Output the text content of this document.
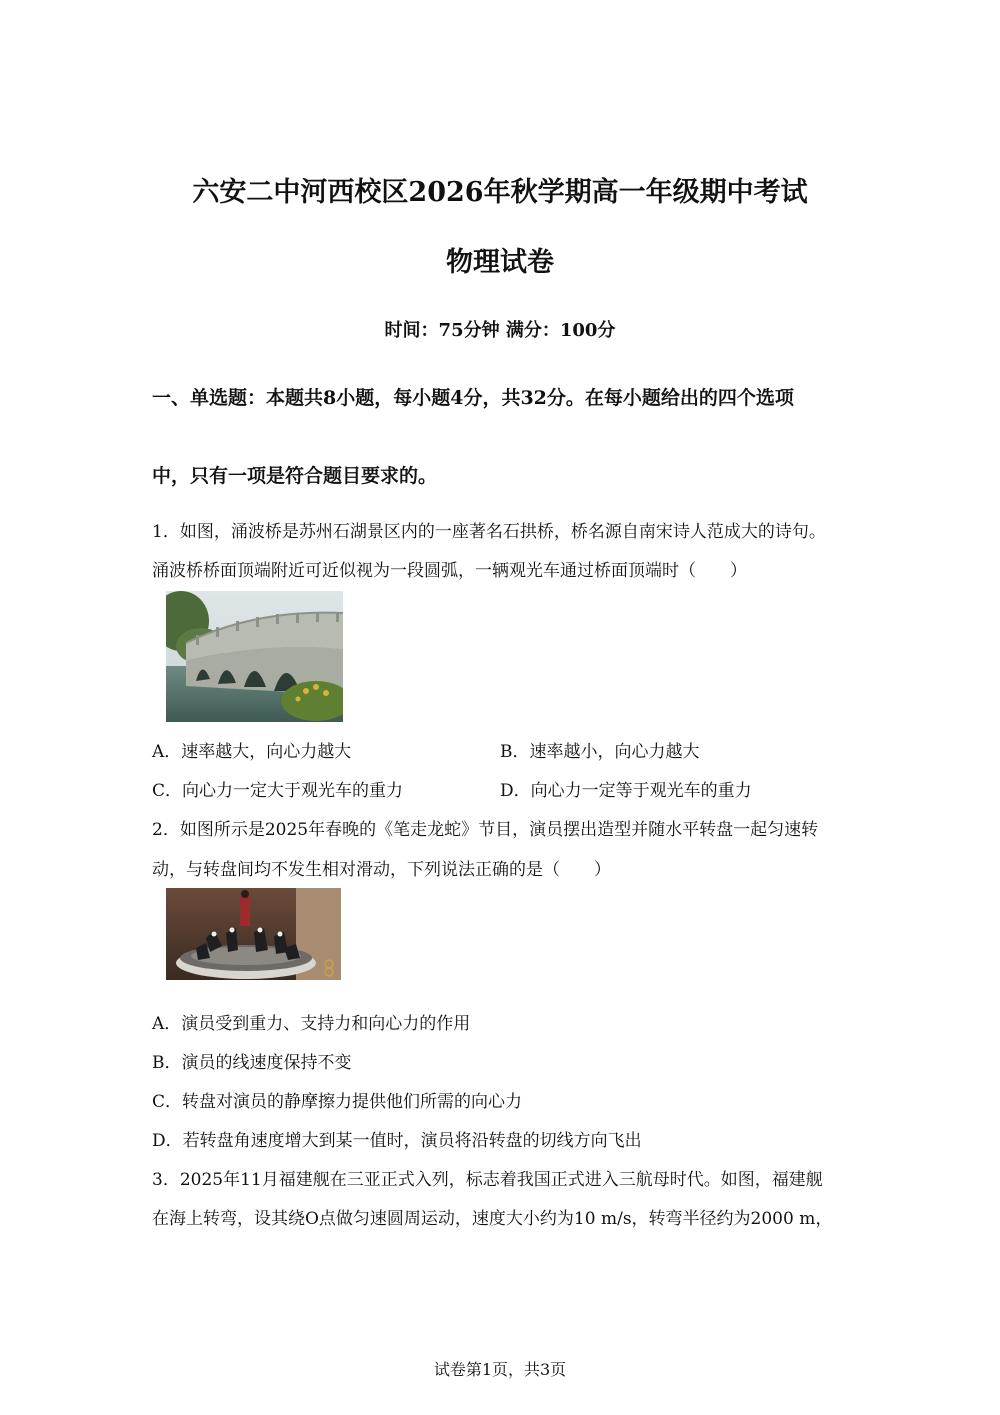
六安二中河西校区2026年秋学期高一年级期中考试
物理试卷
时间：75分钟 满分：100分
一、单选题：本题共8小题，每小题4分，共32分。在每小题给出的四个选项
中，只有一项是符合题目要求的。
1．如图，涌波桥是苏州石湖景区内的一座著名石拱桥，桥名源自南宋诗人范成大的诗句。
涌波桥桥面顶端附近可近似视为一段圆弧，一辆观光车通过桥面顶端时（　　）
A．速率越大，向心力越大	B．速率越小，向心力越大
C．向心力一定大于观光车的重力	D．向心力一定等于观光车的重力
2．如图所示是2025年春晚的《笔走龙蛇》节目，演员摆出造型并随水平转盘一起匀速转
动，与转盘间均不发生相对滑动，下列说法正确的是（　　）
A．演员受到重力、支持力和向心力的作用
B．演员的线速度保持不变
C．转盘对演员的静摩擦力提供他们所需的向心力
D．若转盘角速度增大到某一值时，演员将沿转盘的切线方向飞出
3．2025年11月福建舰在三亚正式入列，标志着我国正式进入三航母时代。如图，福建舰
在海上转弯，设其绕O点做匀速圆周运动，速度大小约为10 m/s，转弯半径约为2000 m，
试卷第1页，共3页
